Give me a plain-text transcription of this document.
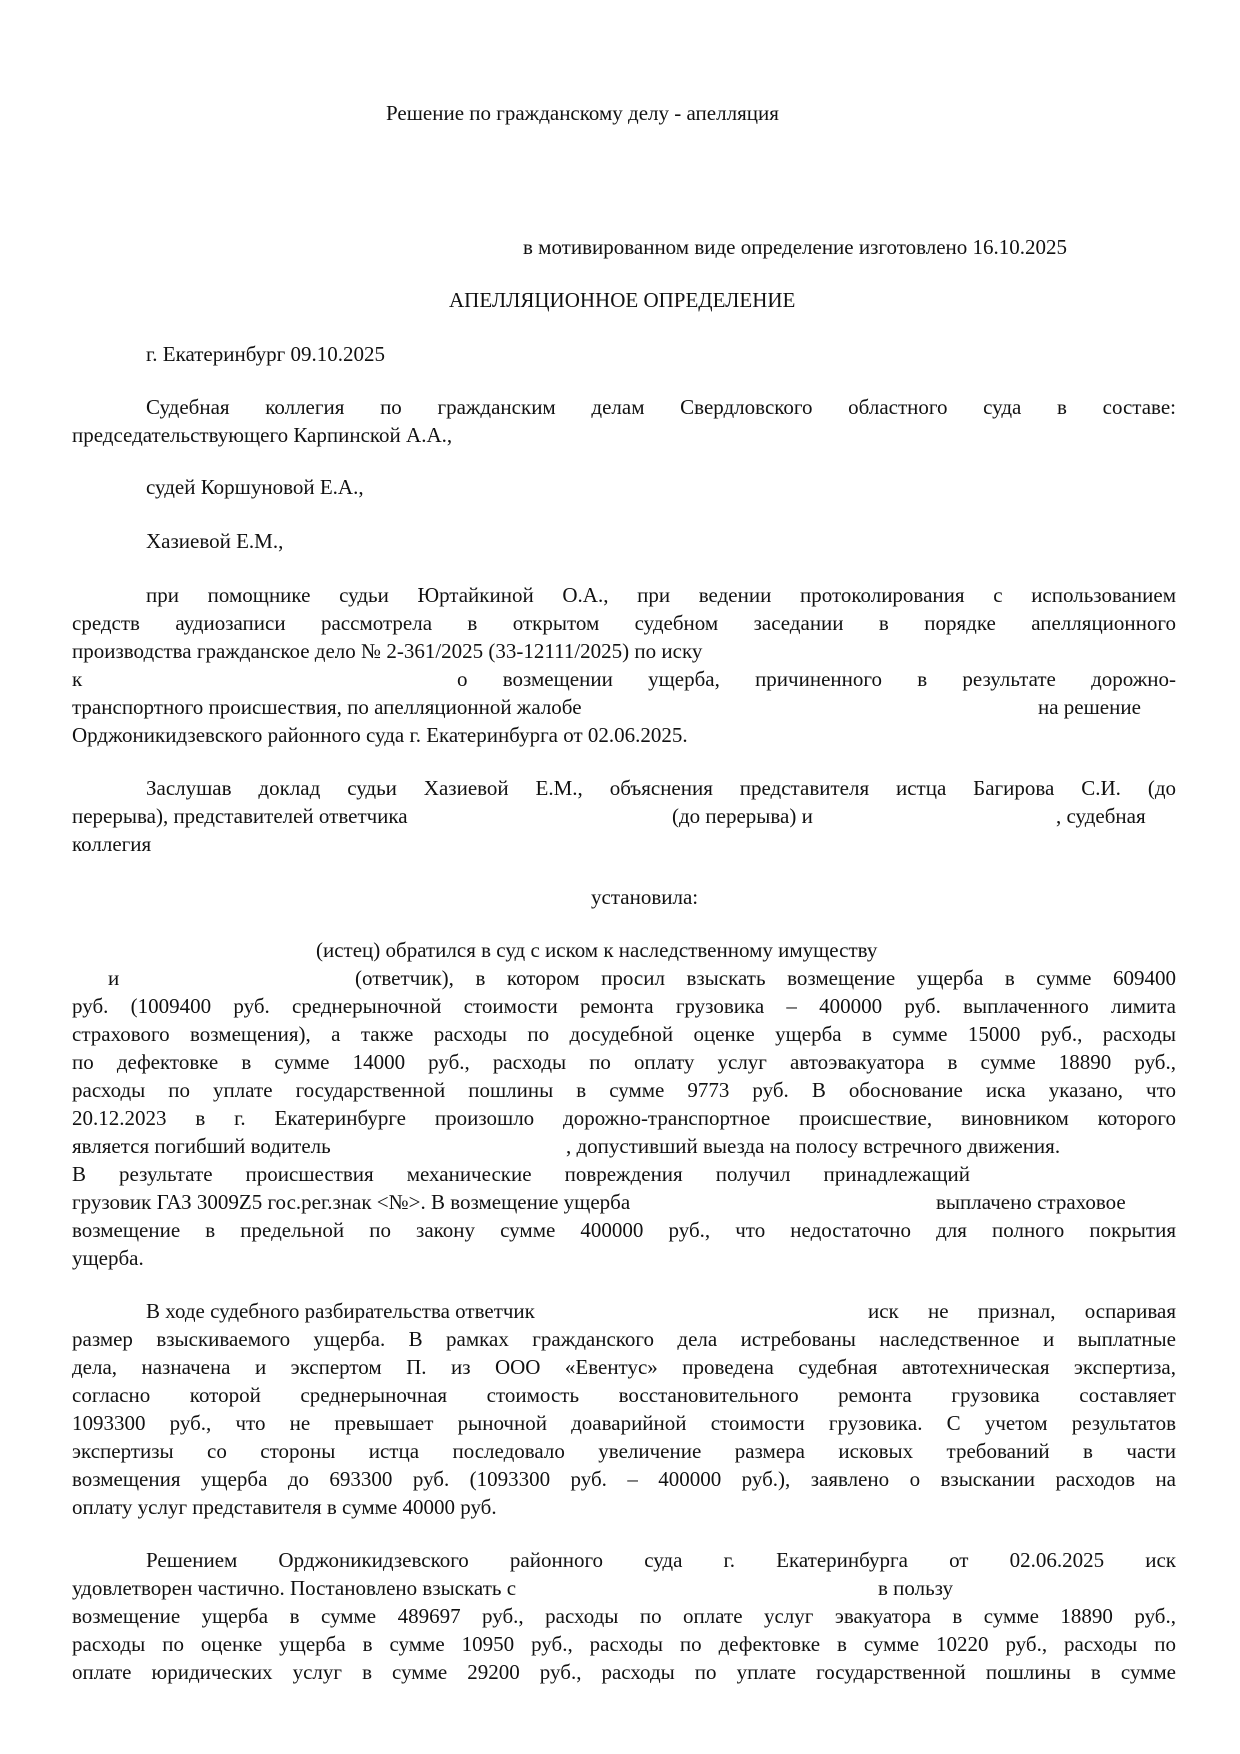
Решение по гражданскому делу - апелляция
в мотивированном виде определение изготовлено 16.10.2025
АПЕЛЛЯЦИОННОЕ ОПРЕДЕЛЕНИЕ
г. Екатеринбург 09.10.2025
Судебная коллегия по гражданским делам Свердловского областного суда в составе:
председательствующего Карпинской А.А.,
судей Коршуновой Е.А.,
Хазиевой Е.М.,
при помощнике судьи Юртайкиной О.А., при ведении протоколирования с использованием
средств аудиозаписи рассмотрела в открытом судебном заседании в порядке апелляционного
производства гражданское дело № 2-361/2025 (33-12111/2025) по иску
к	о возмещении ущерба, причиненного в результате дорожно-
транспортного происшествия, по апелляционной жалобе	на решение
Орджоникидзевского районного суда г. Екатеринбурга от 02.06.2025.
Заслушав доклад судьи Хазиевой Е.М., объяснения представителя истца Багирова С.И. (до
перерыва), представителей ответчика	(до перерыва) и	, судебная
коллегия
установила:
(истец) обратился в суд с иском к наследственному имуществу
и	(ответчик), в котором просил взыскать возмещение ущерба в сумме 609400
руб. (1009400 руб. среднерыночной стоимости ремонта грузовика – 400000 руб. выплаченного лимита
страхового возмещения), а также расходы по досудебной оценке ущерба в сумме 15000 руб., расходы
по дефектовке в сумме 14000 руб., расходы по оплату услуг автоэвакуатора в сумме 18890 руб.,
расходы по уплате государственной пошлины в сумме 9773 руб. В обоснование иска указано, что
20.12.2023 в г. Екатеринбурге произошло дорожно-транспортное происшествие, виновником которого
является погибший водитель	, допустивший выезда на полосу встречного движения.
В результате происшествия механические повреждения получил принадлежащий
грузовик ГАЗ 3009Z5 гос.рег.знак <№>. В возмещение ущерба	выплачено страховое
возмещение в предельной по закону сумме 400000 руб., что недостаточно для полного покрытия
ущерба.
В ходе судебного разбирательства ответчик	иск не признал, оспаривая
размер взыскиваемого ущерба. В рамках гражданского дела истребованы наследственное и выплатные
дела, назначена и экспертом П. из ООО «Евентус» проведена судебная автотехническая экспертиза,
согласно которой среднерыночная стоимость восстановительного ремонта грузовика составляет
1093300 руб., что не превышает рыночной доаварийной стоимости грузовика. С учетом результатов
экспертизы со стороны истца последовало увеличение размера исковых требований в части
возмещения ущерба до 693300 руб. (1093300 руб. – 400000 руб.), заявлено о взыскании расходов на
оплату услуг представителя в сумме 40000 руб.
Решением Орджоникидзевского районного суда г. Екатеринбурга от 02.06.2025 иск
удовлетворен частично. Постановлено взыскать с	в пользу
возмещение ущерба в сумме 489697 руб., расходы по оплате услуг эвакуатора в сумме 18890 руб.,
расходы по оценке ущерба в сумме 10950 руб., расходы по дефектовке в сумме 10220 руб., расходы по
оплате юридических услуг в сумме 29200 руб., расходы по уплате государственной пошлины в сумме
